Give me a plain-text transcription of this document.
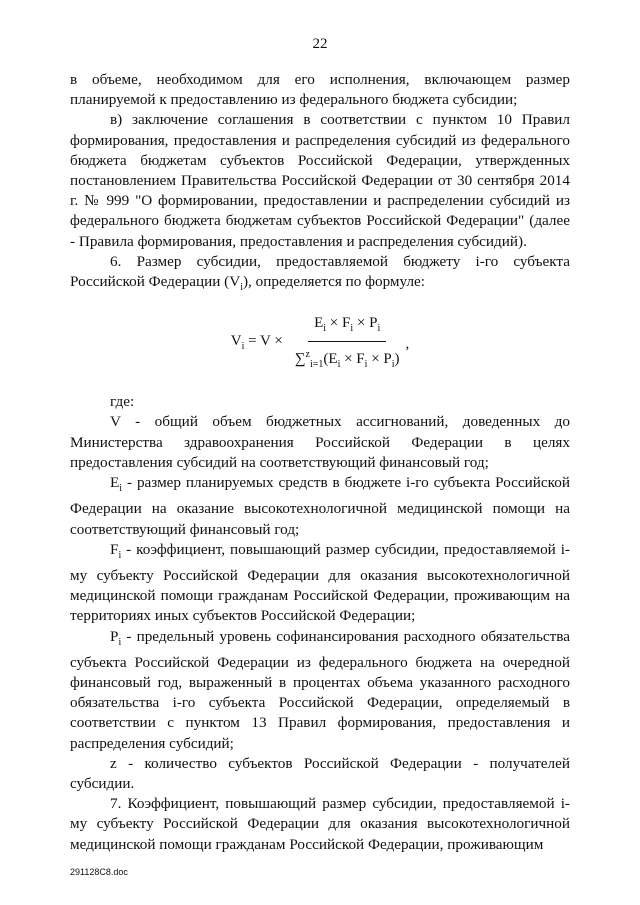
22

в объеме, необходимом для его исполнения, включающем размер планируемой к предоставлению из федерального бюджета субсидии;

в) заключение соглашения в соответствии с пунктом 10 Правил формирования, предоставления и распределения субсидий из федерального бюджета бюджетам субъектов Российской Федерации, утвержденных постановлением Правительства Российской Федерации от 30 сентября 2014 г. № 999 "О формировании, предоставлении и распределении субсидий из федерального бюджета бюджетам субъектов Российской Федерации" (далее - Правила формирования, предоставления и распределения субсидий).

6. Размер субсидии, предоставляемой бюджету i-го субъекта Российской Федерации $(V_i)$, определяется по формуле:

$V_i = V \times \frac{E_i \times F_i \times P_i}{\sum^z_{i=1}(E_i \times F_i \times P_i)}$ ,

где:

V - общий объем бюджетных ассигнований, доведенных до Министерства здравоохранения Российской Федерации в целях предоставления субсидий на соответствующий финансовый год;

$E_i$ - размер планируемых средств в бюджете i-го субъекта Российской Федерации на оказание высокотехнологичной медицинской помощи на соответствующий финансовый год;

$F_i$ - коэффициент, повышающий размер субсидии, предоставляемой i-му субъекту Российской Федерации для оказания высокотехнологичной медицинской помощи гражданам Российской Федерации, проживающим на территориях иных субъектов Российской Федерации;

$P_i$ - предельный уровень софинансирования расходного обязательства субъекта Российской Федерации из федерального бюджета на очередной финансовый год, выраженный в процентах объема указанного расходного обязательства i-го субъекта Российской Федерации, определяемый в соответствии с пунктом 13 Правил формирования, предоставления и распределения субсидий;

z - количество субъектов Российской Федерации - получателей субсидии.

7. Коэффициент, повышающий размер субсидии, предоставляемой i-му субъекту Российской Федерации для оказания высокотехнологичной медицинской помощи гражданам Российской Федерации, проживающим

291128C8.doc
